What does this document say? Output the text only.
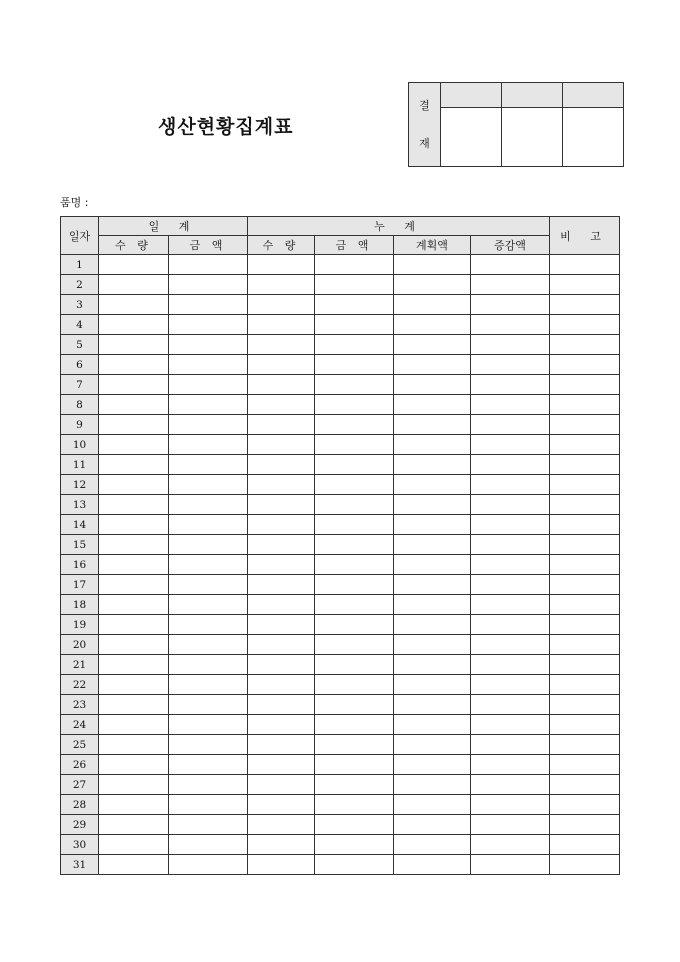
생산현황집계표
결
재			

품명 :
일자	일 계		누 계				비 고
	수 량	금 액	수 량	금 액	계획액	증감액	
1							
2							
3							
4							
5							
6							
7							
8							
9							
10							
11							
12							
13							
14							
15							
16							
17							
18							
19							
20							
21							
22							
23							
24							
25							
26							
27							
28							
29							
30							
31							
